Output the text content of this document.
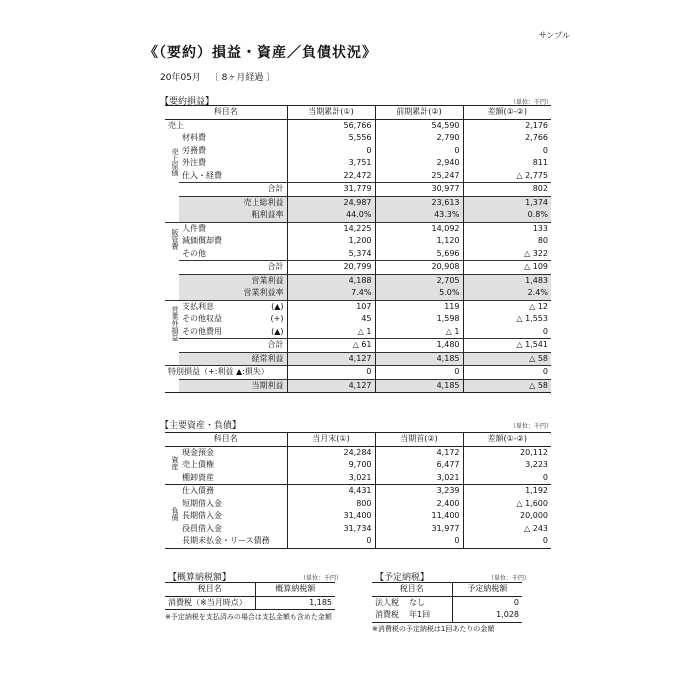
サンプル
《（要約）損益・資産／負債状況》
20年05月 〔 8ヶ月経過 〕
【要約損益】	（単位：千円）
科目名		当期累計(①)	前期累計(②)	差額(①-②)
売上		56,766	54,590	2,176
売上原価	材料費	5,556	2,790	2,766
	労務費	0	0	0
	外注費	3,751	2,940	811
	仕入・経費	22,472	25,247	△ 2,775
	合計	31,779	30,977	802
	売上総利益	24,987	23,613	1,374
	粗利益率	44.0%	43.3%	0.8%
販管費	人件費	14,225	14,092	133
	減価償却費	1,200	1,120	80
	その他	5,374	5,696	△ 322
	合計	20,799	20,908	△ 109
	営業利益	4,188	2,705	1,483
	営業利益率	7.4%	5.0%	2.4%
営業外損益	支払利息 (▲)	107	119	△ 12
	その他収益 (+)	45	1,598	△ 1,553
	その他費用 (▲)	△ 1	△ 1	0
	合計	△ 61	1,480	△ 1,541
	経常利益	4,127	4,185	△ 58
特別損益（+:利益 ▲:損失）		0	0	0
	当期利益	4,127	4,185	△ 58
【主要資産・負債】	（単位：千円）
科目名		当月末(①)	当期首(②)	差額(①-②)
資産	現金預金	24,284	4,172	20,112
	売上債権	9,700	6,477	3,223
	棚卸資産	3,021	3,021	0
負債	仕入債務	4,431	3,239	1,192
	短期借入金	800	2,400	△ 1,600
	長期借入金	31,400	11,400	20,000
	役員借入金	31,734	31,977	△ 243
	長期未払金・リース債務	0	0	0
【概算納税額】	（単位：千円）
税目名	概算納税額
消費税（※当月時点）	1,185
※予定納税を支払済みの場合は支払金額も含めた金額
【予定納税】	（単位：千円）
税目名		予定納税額
法人税	なし	0
消費税	年1回	1,028
※消費税の予定納税は1回あたりの金額
